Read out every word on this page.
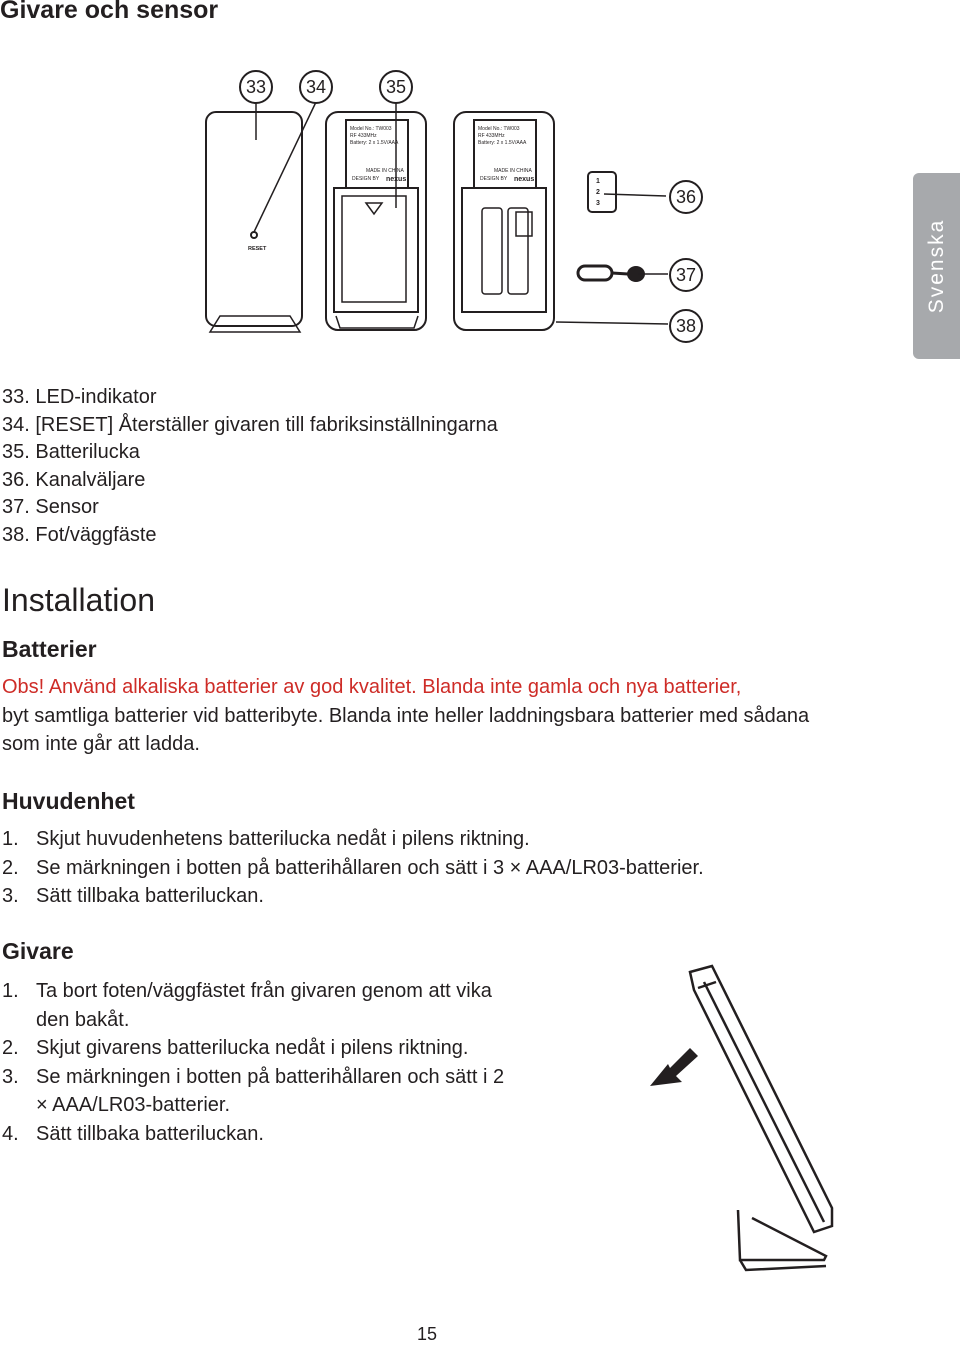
Givare och sensor
Svenska
Model No.: TW003
RF 433MHz
Battery: 2 x 1.5V/AAA
Model No.: TW003
RF 433MHz
Battery: 2 x 1.5V/AAA
MADE IN CHINA	MADE IN CHINA
DESIGN BY	DESIGN BY
nexus	nexus
RESET
1
2
3
33 34	35
36
37
38
33. LED-indikator
34. [RESET] Återställer givaren till fabriksinställningarna
35. Batterilucka
36. Kanalväljare
37. Sensor
38. Fot/väggfäste
Installation
Batterier
Obs! Använd alkaliska batterier av god kvalitet. Blanda inte gamla och nya batterier,
byt samtliga batterier vid batteribyte. Blanda inte heller laddningsbara batterier med sådana som inte går att ladda.
Huvudenhet
1. Skjut huvudenhetens batterilucka nedåt i pilens riktning.
2. Se märkningen i botten på batterihållaren och sätt i 3 × AAA/LR03-batterier.
3. Sätt tillbaka batteriluckan.
Givare
1. Ta bort foten/väggfästet från givaren genom att vika den bakåt.
2. Skjut givarens batterilucka nedåt i pilens riktning.
3. Se märkningen i botten på batterihållaren och sätt i 2 × AAA/LR03-batterier.
4. Sätt tillbaka batteriluckan.
15
